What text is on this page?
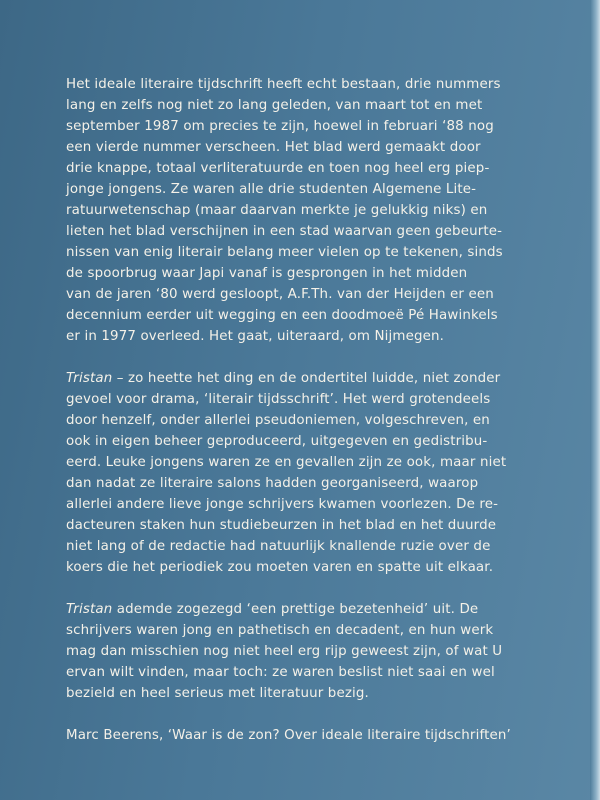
Het ideale literaire tijdschrift heeft echt bestaan, drie nummers
lang en zelfs nog niet zo lang geleden, van maart tot en met
september 1987 om precies te zijn, hoewel in februari ‘88 nog
een vierde nummer verscheen. Het blad werd gemaakt door
drie knappe, totaal verliteratuurde en toen nog heel erg piep-
jonge jongens. Ze waren alle drie studenten Algemene Lite-
ratuurwetenschap (maar daarvan merkte je gelukkig niks) en
lieten het blad verschijnen in een stad waarvan geen gebeurte-
nissen van enig literair belang meer vielen op te tekenen, sinds
de spoorbrug waar Japi vanaf is gesprongen in het midden
van de jaren ‘80 werd gesloopt, A.F.Th. van der Heijden er een
decennium eerder uit wegging en een doodmoeë Pé Hawinkels
er in 1977 overleed. Het gaat, uiteraard, om Nijmegen.
Tristan – zo heette het ding en de ondertitel luidde, niet zonder
gevoel voor drama, ‘literair tijdsschrift’. Het werd grotendeels
door henzelf, onder allerlei pseudoniemen, volgeschreven, en
ook in eigen beheer geproduceerd, uitgegeven en gedistribu-
eerd. Leuke jongens waren ze en gevallen zijn ze ook, maar niet
dan nadat ze literaire salons hadden georganiseerd, waarop
allerlei andere lieve jonge schrijvers kwamen voorlezen. De re-
dacteuren staken hun studiebeurzen in het blad en het duurde
niet lang of de redactie had natuurlijk knallende ruzie over de
koers die het periodiek zou moeten varen en spatte uit elkaar.
Tristan ademde zogezegd ‘een prettige bezetenheid’ uit. De
schrijvers waren jong en pathetisch en decadent, en hun werk
mag dan misschien nog niet heel erg rijp geweest zijn, of wat U
ervan wilt vinden, maar toch: ze waren beslist niet saai en wel
bezield en heel serieus met literatuur bezig.
Marc Beerens, ‘Waar is de zon? Over ideale literaire tijdschriften’
